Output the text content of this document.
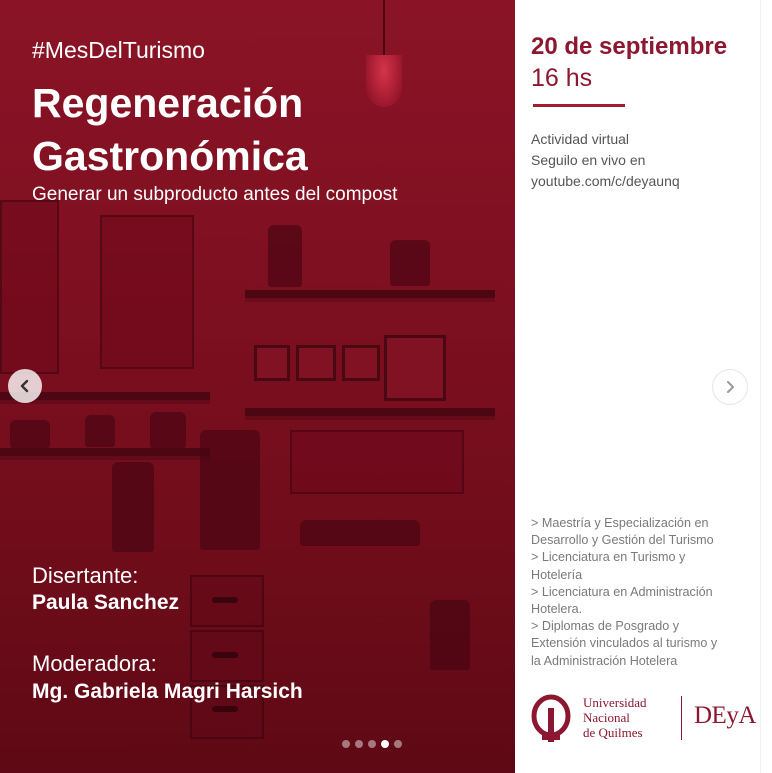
#MesDelTurismo

Regeneración Gastronómica

Generar un subproducto antes del compost

Disertante:

Paula Sanchez

Moderadora:

Mg. Gabriela Magri Harsich

20 de septiembre
16 hs
Actividad virtual
Seguilo en vivo en
youtube.com/c/deyaunq
> Maestría y Especialización en
Desarrollo y Gestión del Turismo
> Licenciatura en Turismo y
Hotelería
> Licenciatura en Administración
Hotelera.
> Diplomas de Posgrado y
Extensión vinculados al turismo y
la Administración Hotelera
Universidad
Nacional
de Quilmes
DEyA
